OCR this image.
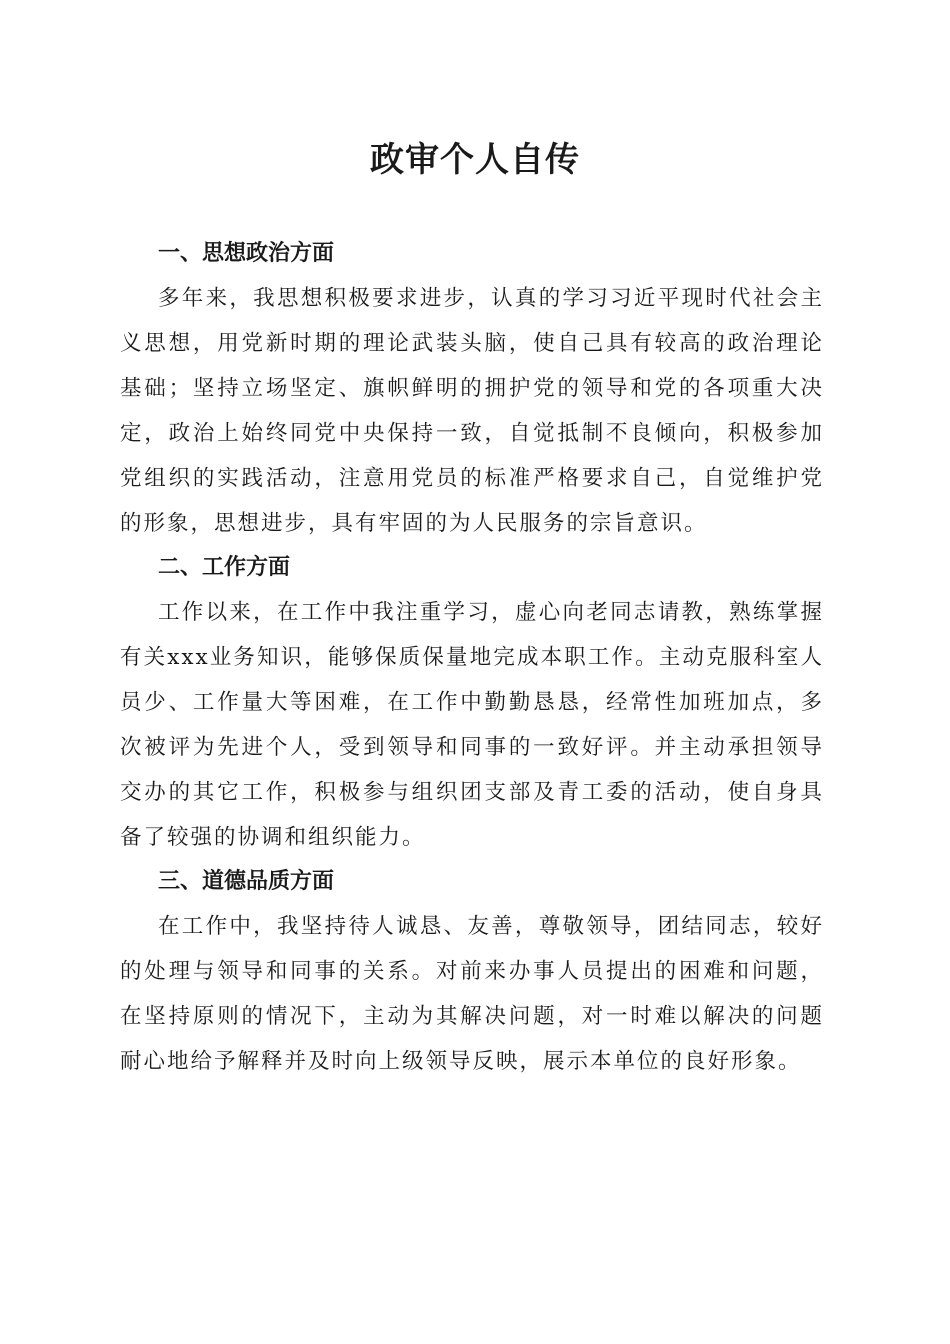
政审个人自传
一、思想政治方面

多年来，我思想积极要求进步，认真的学习习近平现时代社会主义思想，用党新时期的理论武装头脑，使自己具有较高的政治理论基础；坚持立场坚定、旗帜鲜明的拥护党的领导和党的各项重大决定，政治上始终同党中央保持一致，自觉抵制不良倾向，积极参加党组织的实践活动，注意用党员的标准严格要求自己，自觉维护党的形象，思想进步，具有牢固的为人民服务的宗旨意识。

二、工作方面

工作以来，在工作中我注重学习，虚心向老同志请教，熟练掌握有关xxx业务知识，能够保质保量地完成本职工作。主动克服科室人员少、工作量大等困难，在工作中勤勤恳恳，经常性加班加点，多次被评为先进个人，受到领导和同事的一致好评。并主动承担领导交办的其它工作，积极参与组织团支部及青工委的活动，使自身具备了较强的协调和组织能力。

三、道德品质方面

在工作中，我坚持待人诚恳、友善，尊敬领导，团结同志，较好的处理与领导和同事的关系。对前来办事人员提出的困难和问题，在坚持原则的情况下，主动为其解决问题，对一时难以解决的问题耐心地给予解释并及时向上级领导反映，展示本单位的良好形象。
